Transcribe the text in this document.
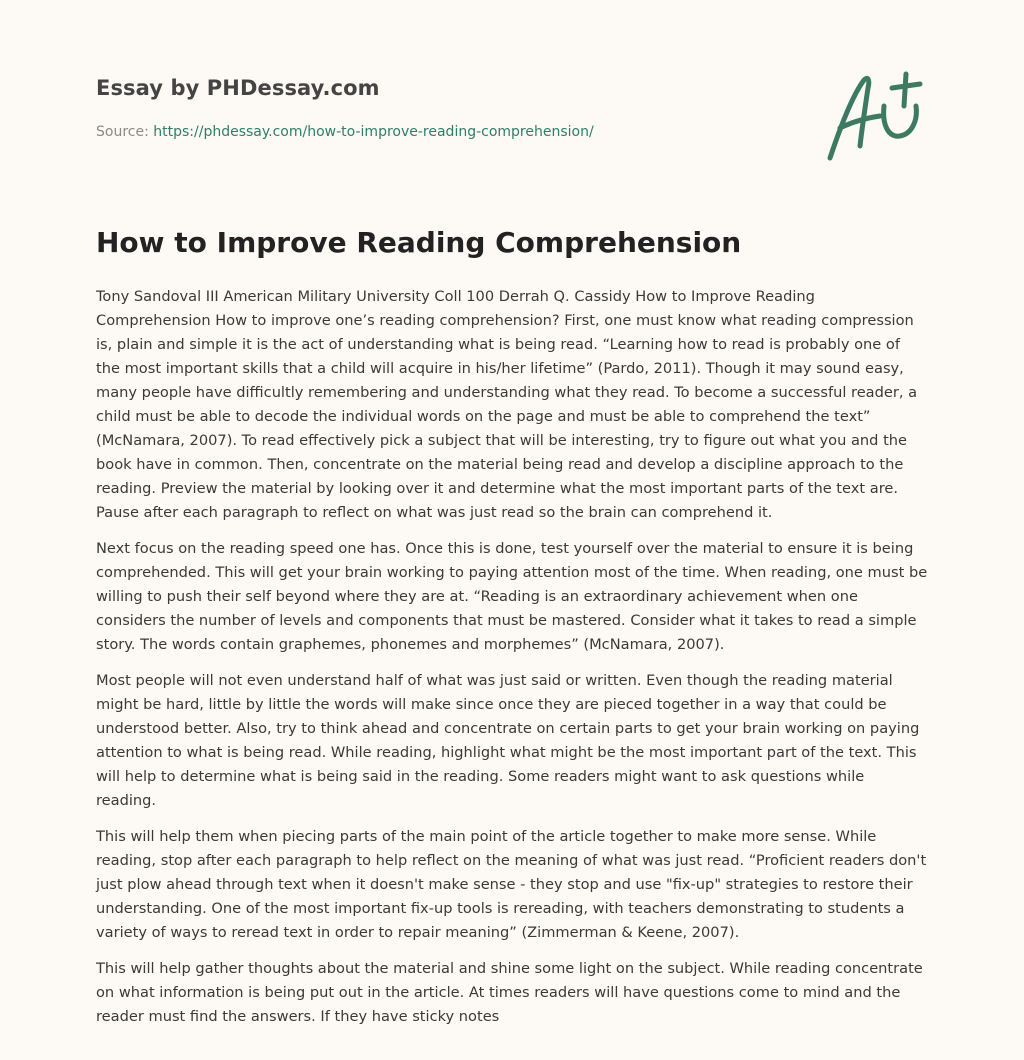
Essay by PHDessay.com
Source: https://phdessay.com/how-to-improve-reading-comprehension/
How to Improve Reading Comprehension

Tony Sandoval III American Military University Coll 100 Derrah Q. Cassidy How to Improve Reading Comprehension How to improve one’s reading comprehension? First, one must know what reading compression is, plain and simple it is the act of understanding what is being read. “Learning how to read is probably one of the most important skills that a child will acquire in his/her lifetime” (Pardo, 2011). Though it may sound easy, many people have difficultly remembering and understanding what they read. To become a successful reader, a child must be able to decode the individual words on the page and must be able to comprehend the text” (McNamara, 2007). To read effectively pick a subject that will be interesting, try to figure out what you and the book have in common. Then, concentrate on the material being read and develop a discipline approach to the reading. Preview the material by looking over it and determine what the most important parts of the text are. Pause after each paragraph to reflect on what was just read so the brain can comprehend it.

Next focus on the reading speed one has. Once this is done, test yourself over the material to ensure it is being comprehended. This will get your brain working to paying attention most of the time. When reading, one must be willing to push their self beyond where they are at. “Reading is an extraordinary achievement when one considers the number of levels and components that must be mastered. Consider what it takes to read a simple story. The words contain graphemes, phonemes and morphemes” (McNamara, 2007).

Most people will not even understand half of what was just said or written. Even though the reading material might be hard, little by little the words will make since once they are pieced together in a way that could be understood better. Also, try to think ahead and concentrate on certain parts to get your brain working on paying attention to what is being read. While reading, highlight what might be the most important part of the text. This will help to determine what is being said in the reading. Some readers might want to ask questions while reading.

This will help them when piecing parts of the main point of the article together to make more sense. While reading, stop after each paragraph to help reflect on the meaning of what was just read. “Proficient readers don't just plow ahead through text when it doesn't make sense - they stop and use "fix-up" strategies to restore their understanding. One of the most important fix-up tools is rereading, with teachers demonstrating to students a variety of ways to reread text in order to repair meaning” (Zimmerman & Keene, 2007).

This will help gather thoughts about the material and shine some light on the subject. While reading concentrate on what information is being put out in the article. At times readers will have questions come to mind and the reader must find the answers. If they have sticky notes
